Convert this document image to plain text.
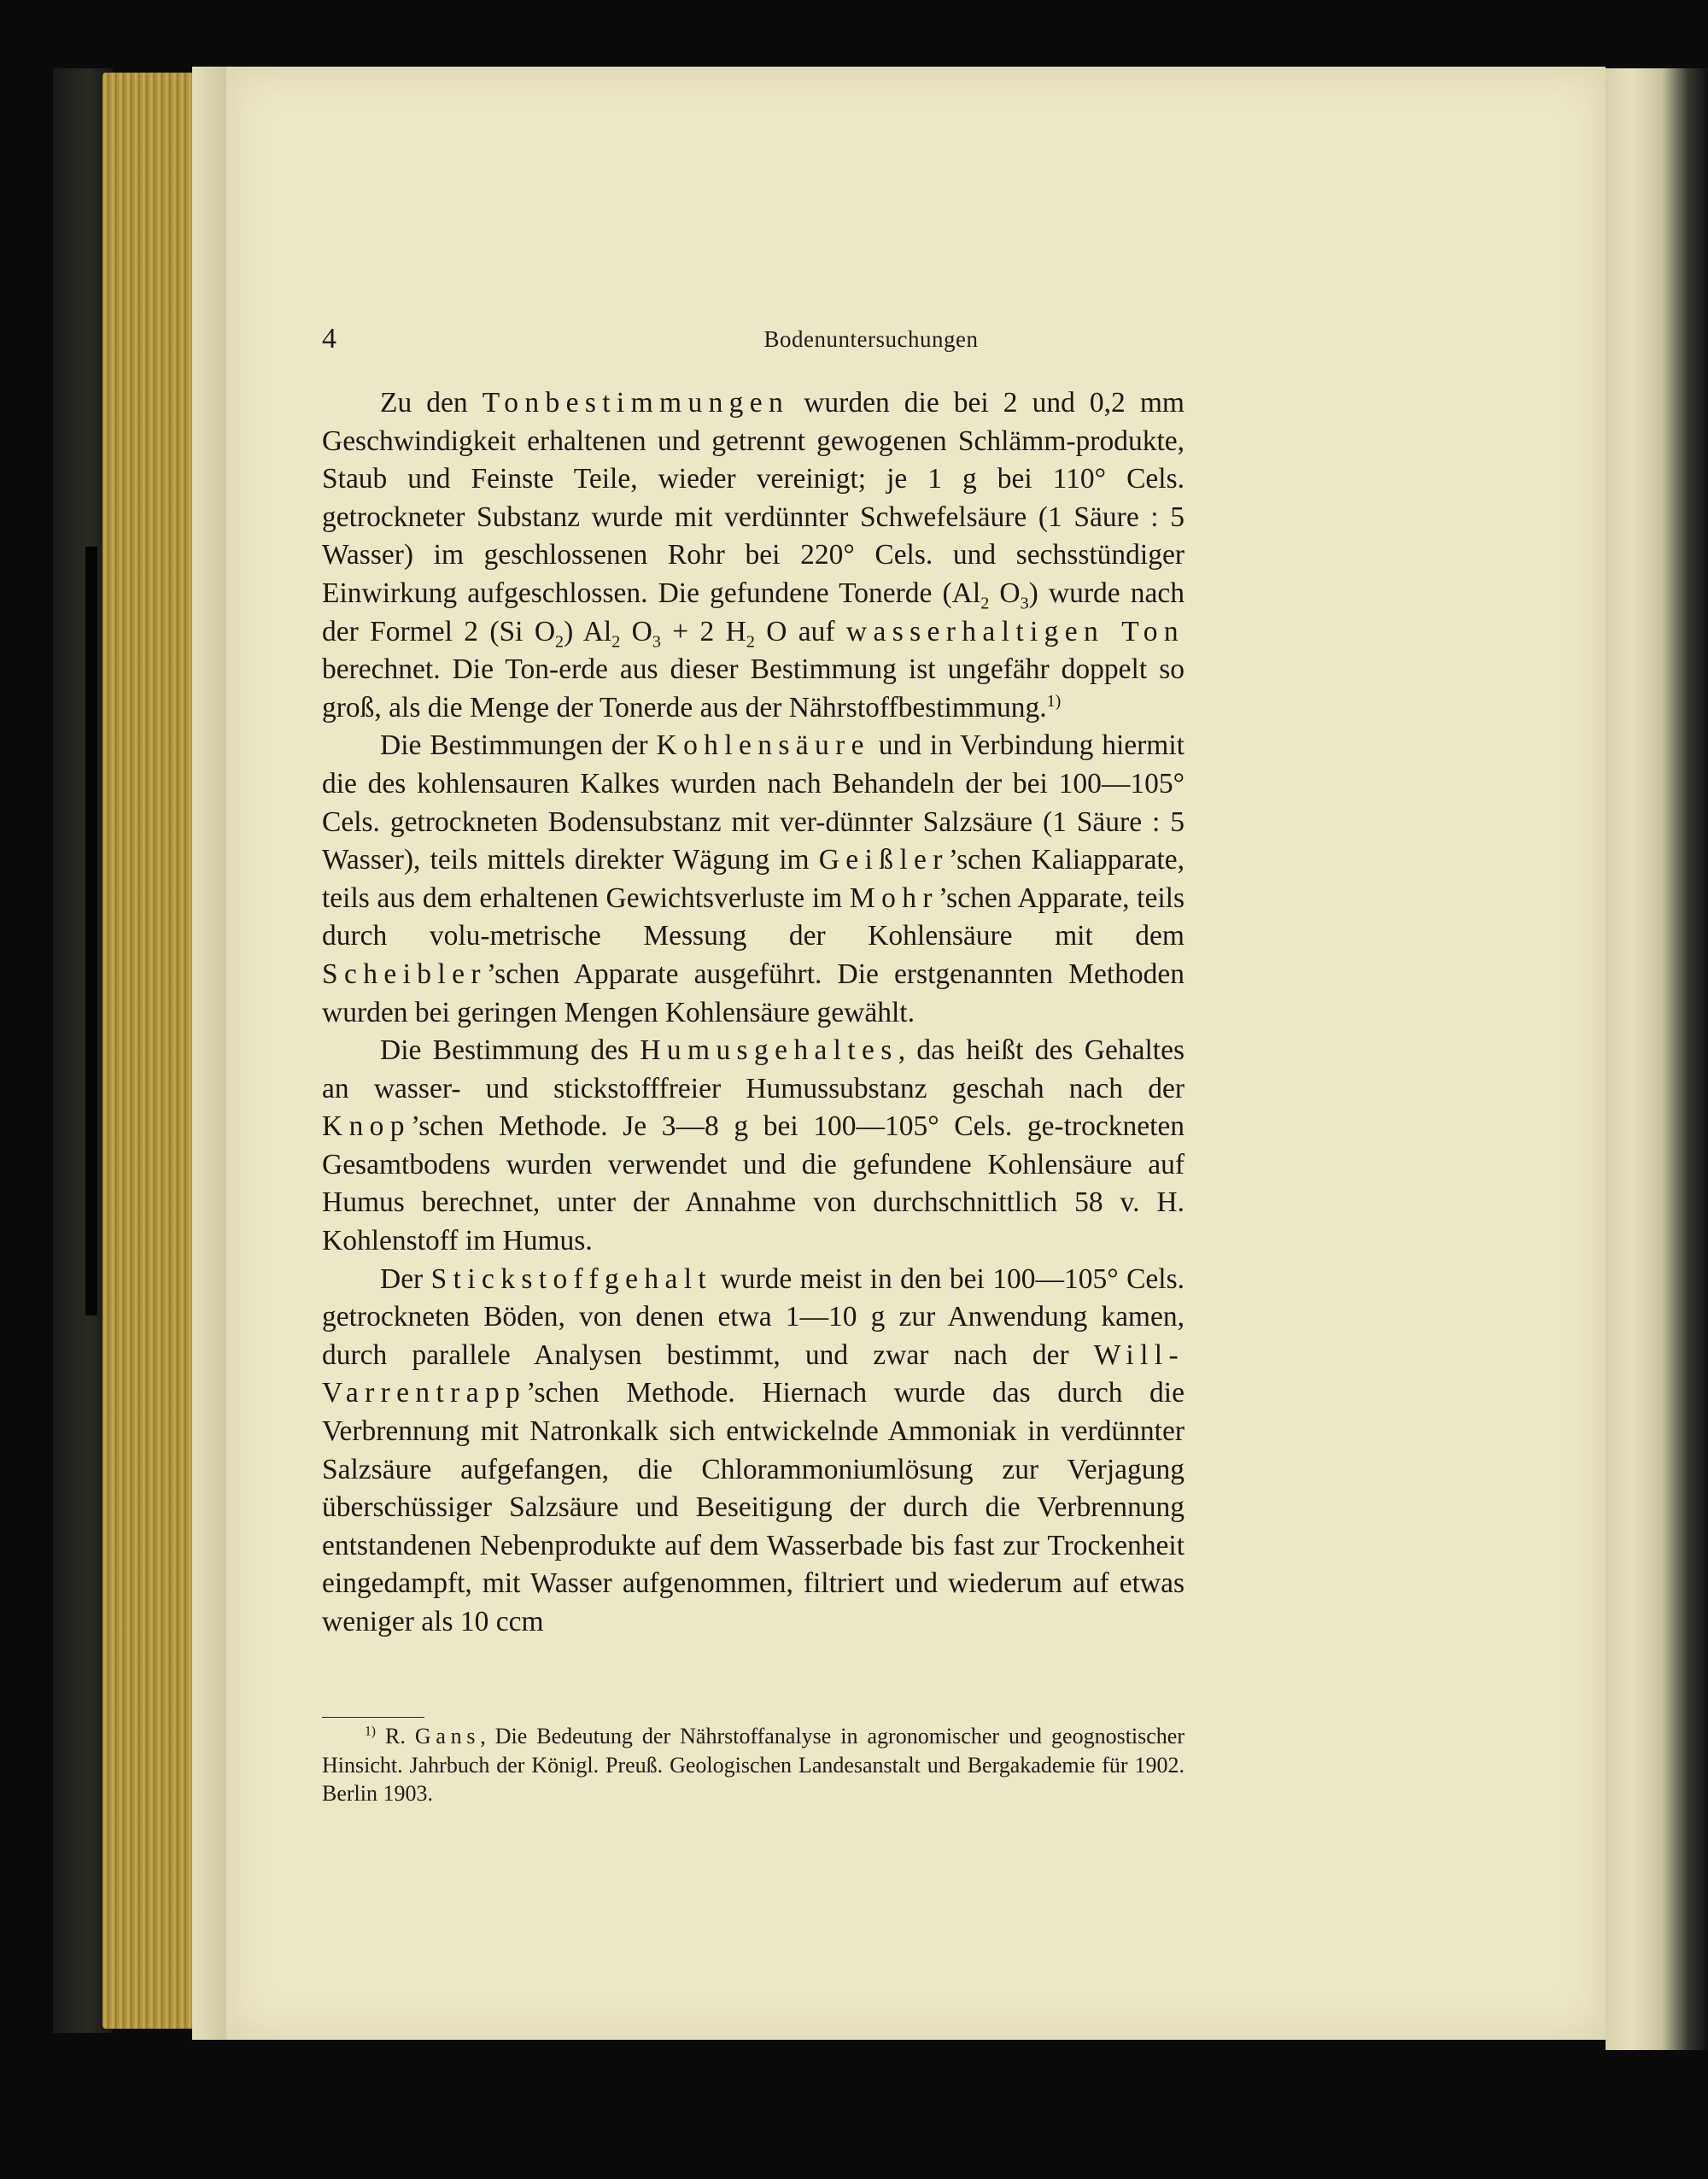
4	Bodenuntersuchungen

Zu den Tonbestimmungen wurden die bei 2 und 0,2 mm Geschwindigkeit erhaltenen und getrennt gewogenen Schlämm-produkte, Staub und Feinste Teile, wieder vereinigt; je 1 g bei 110° Cels. getrockneter Substanz wurde mit verdünnter Schwefelsäure (1 Säure : 5 Wasser) im geschlossenen Rohr bei 220° Cels. und sechsstündiger Einwirkung aufgeschlossen. Die gefundene Tonerde ($Al_2$ $O_3$) wurde nach der Formel 2 (Si $O_2$) $Al_2$ $O_3 + 2$ $H_2$ O auf wasserhaltigen Ton berechnet. Die Ton-erde aus dieser Bestimmung ist ungefähr doppelt so groß, als die Menge der Tonerde aus der Nährstoffbestimmung.$^{1)}$

Die Bestimmungen der Kohlensäure und in Verbindung hiermit die des kohlensauren Kalkes wurden nach Behandeln der bei 100—105° Cels. getrockneten Bodensubstanz mit ver-dünnter Salzsäure (1 Säure : 5 Wasser), teils mittels direkter Wägung im Geißler’schen Kaliapparate, teils aus dem erhaltenen Gewichtsverluste im Mohr’schen Apparate, teils durch volu-metrische Messung der Kohlensäure mit dem Scheibler’schen Apparate ausgeführt. Die erstgenannten Methoden wurden bei geringen Mengen Kohlensäure gewählt.

Die Bestimmung des Humusgehaltes, das heißt des Gehaltes an wasser- und stickstofffreier Humussubstanz geschah nach der Knop’schen Methode. Je 3—8 g bei 100—105° Cels. ge-trockneten Gesamtbodens wurden verwendet und die gefundene Kohlensäure auf Humus berechnet, unter der Annahme von durchschnittlich 58 v. H. Kohlenstoff im Humus.

Der Stickstoffgehalt wurde meist in den bei 100—105° Cels. getrockneten Böden, von denen etwa 1—10 g zur Anwendung kamen, durch parallele Analysen bestimmt, und zwar nach der Will-Varrentrapp’schen Methode. Hiernach wurde das durch die Verbrennung mit Natronkalk sich entwickelnde Ammoniak in verdünnter Salzsäure aufgefangen, die Chlorammoniumlösung zur Verjagung überschüssiger Salzsäure und Beseitigung der durch die Verbrennung entstandenen Nebenprodukte auf dem Wasserbade bis fast zur Trockenheit eingedampft, mit Wasser aufgenommen, filtriert und wiederum auf etwas weniger als 10 ccm

$^{1)}$ R. Gans, Die Bedeutung der Nährstoffanalyse in agronomischer und geognostischer Hinsicht. Jahrbuch der Königl. Preuß. Geologischen Landesanstalt und Bergakademie für 1902. Berlin 1903.
